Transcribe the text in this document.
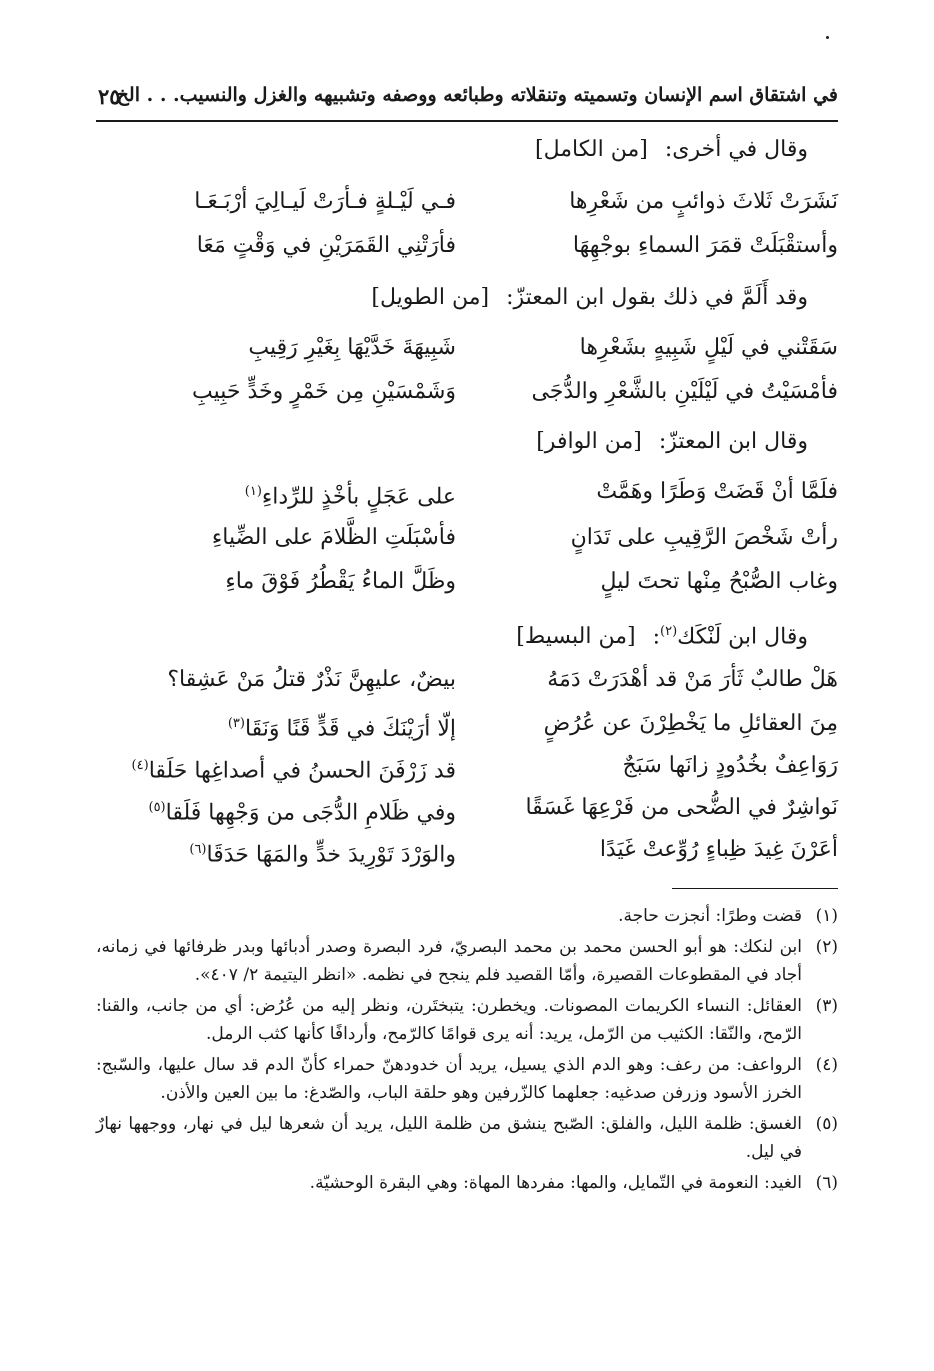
في اشتقاق اسم الإنسان وتسميته وتنقلاته وطبائعه ووصفه وتشبيهه والغزل والنسيب. . . الخ
٢٥
وقال في أخرى: [من الكامل]
نَشَرَتْ ثَلاثَ ذوائبٍ من شَعْرِها
فـي لَيْـلةٍ فـأرَتْ لَيـالِيَ أرْبَـعَـا
وأستقْبَلَتْ قمَرَ السماءِ بوجْهِهَا
فأرَتْنِي القَمَرَيْنِ في وَقْتٍ مَعَا
وقد أَلَمَّ في ذلك بقول ابن المعتزّ: [من الطويل]
سَقَتْني في لَيْلٍ شَبِيهٍ بشَعْرِها
شَبِيهَةَ خَدَّيْهَا بِغَيْرِ رَقِيبِ
فأمْسَيْتُ في لَيْلَيْنِ بالشَّعْرِ والدُّجَى
وَشَمْسَيْنِ مِن خَمْرٍ وخَدٍّ حَبِيبِ
وقال ابن المعتزّ: [من الوافر]
فلَمَّا أنْ قَضَتْ وَطَرًا وهَمَّتْ
على عَجَلٍ بأخْذٍ للرِّداءِ$^{(١)}$
رأتْ شَخْصَ الرَّقِيبِ على تَدَانٍ
فأسْبَلَتِ الظَّلامَ على الضِّياءِ
وغاب الصُّبْحُ مِنْها تحتَ ليلٍ
وظَلَّ الماءُ يَقْطُرُ فَوْقَ ماءِ
وقال ابن لَنْكَك$^{(٢)}$: [من البسيط]
هَلْ طالبٌ ثَأرَ مَنْ قد أهْدَرَتْ دَمَهُ
بيضٌ، عليهِنَّ نَذْرٌ قتلُ مَنْ عَشِقا؟
مِنَ العقائلِ ما يَخْطِرْنَ عن عُرُضٍ
إلّا أرَيْنَكَ في قَدٍّ قَنًا وَنَقَا$^{(٣)}$
رَوَاعِفٌ بخُدُودٍ زانَها سَبَجٌ
قد زَرْفَنَ الحسنُ في أصداغِها حَلَقا$^{(٤)}$
نَواشِرٌ في الضُّحى من فَرْعِهَا غَسَقًا
وفي ظَلامِ الدُّجَى من وَجْهِها فَلَقا$^{(٥)}$
أعَرْنَ غِيدَ ظِباءٍ رُوِّعتْ غَيَدًا
والوَرْدَ تَوْرِيدَ خدٍّ والمَهَا حَدَقَا$^{(٦)}$
(١)
قضت وطرًا: أنجزت حاجة.
(٢)
ابن لنكك: هو أبو الحسن محمد بن محمد البصريّ، فرد البصرة وصدر أدبائها وبدر ظرفائها في زمانه، أجاد في المقطوعات القصيرة، وأمّا القصيد فلم ينجح في نظمه. «انظر اليتيمة ٢/ ٤٠٧».
(٣)
العقائل: النساء الكريمات المصونات. ويخطرن: يتبختَرن، ونظر إليه من عُرُض: أي من جانب، والقنا: الرّمح، والنّقا: الكثيب من الرّمل، يريد: أنه يرى قوامًا كالرّمح، وأردافًا كأنها كثب الرمل.
(٤)
الرواعف: من رعف: وهو الدم الذي يسيل، يريد أن خدودهنّ حمراء كأنّ الدم قد سال عليها، والسّبج: الخرز الأسود وزرفن صدغيه: جعلهما كالزّرفين وهو حلقة الباب، والصّدغ: ما بين العين والأذن.
(٥)
الغسق: ظلمة الليل، والفلق: الصّبح ينشق من ظلمة الليل، يريد أن شعرها ليل في نهار، ووجهها نهارٌ في ليل.
(٦)
الغيد: النعومة في التّمايل، والمها: مفردها المهاة: وهي البقرة الوحشيّة.
